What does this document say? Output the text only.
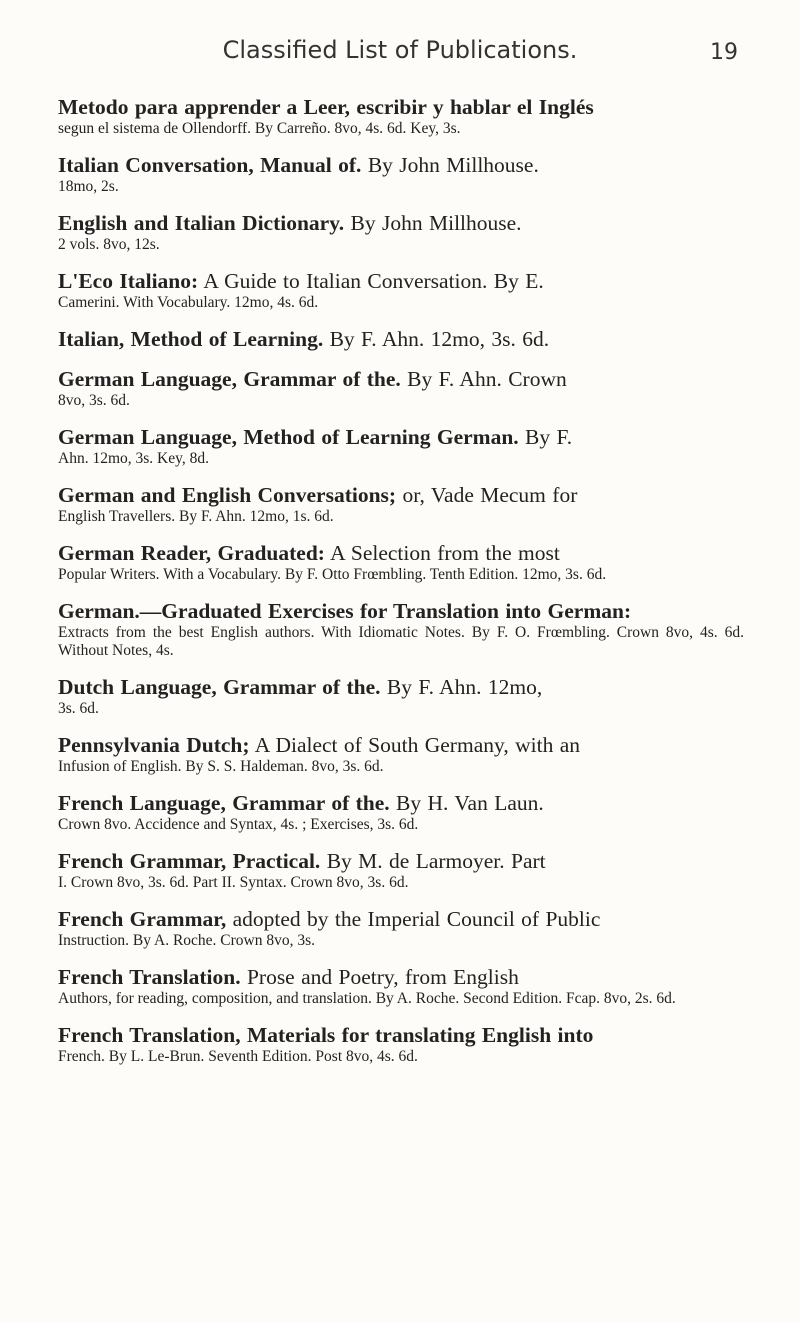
Classified List of Publications.	19
Metodo para apprender a Leer, escribir y hablar el Inglés
segun el sistema de Ollendorff. By Carreño. 8vo, 4s. 6d. Key, 3s.
Italian Conversation, Manual of. By John Millhouse.
18mo, 2s.
English and Italian Dictionary. By John Millhouse.
2 vols. 8vo, 12s.
L'Eco Italiano: A Guide to Italian Conversation. By E.
Camerini. With Vocabulary. 12mo, 4s. 6d.
Italian, Method of Learning. By F. Ahn. 12mo, 3s. 6d.
German Language, Grammar of the. By F. Ahn. Crown
8vo, 3s. 6d.
German Language, Method of Learning German. By F.
Ahn. 12mo, 3s. Key, 8d.
German and English Conversations; or, Vade Mecum for
English Travellers. By F. Ahn. 12mo, 1s. 6d.
German Reader, Graduated: A Selection from the most
Popular Writers. With a Vocabulary. By F. Otto Frœmbling. Tenth Edition. 12mo, 3s. 6d.
German.—Graduated Exercises for Translation into German:
Extracts from the best English authors. With Idiomatic Notes. By F. O. Frœmbling. Crown 8vo, 4s. 6d. Without Notes, 4s.
Dutch Language, Grammar of the. By F. Ahn. 12mo,
3s. 6d.
Pennsylvania Dutch; A Dialect of South Germany, with an
Infusion of English. By S. S. Haldeman. 8vo, 3s. 6d.
French Language, Grammar of the. By H. Van Laun.
Crown 8vo. Accidence and Syntax, 4s. ; Exercises, 3s. 6d.
French Grammar, Practical. By M. de Larmoyer. Part
I. Crown 8vo, 3s. 6d. Part II. Syntax. Crown 8vo, 3s. 6d.
French Grammar, adopted by the Imperial Council of Public
Instruction. By A. Roche. Crown 8vo, 3s.
French Translation. Prose and Poetry, from English
Authors, for reading, composition, and translation. By A. Roche. Second Edition. Fcap. 8vo, 2s. 6d.
French Translation, Materials for translating English into
French. By L. Le-Brun. Seventh Edition. Post 8vo, 4s. 6d.
